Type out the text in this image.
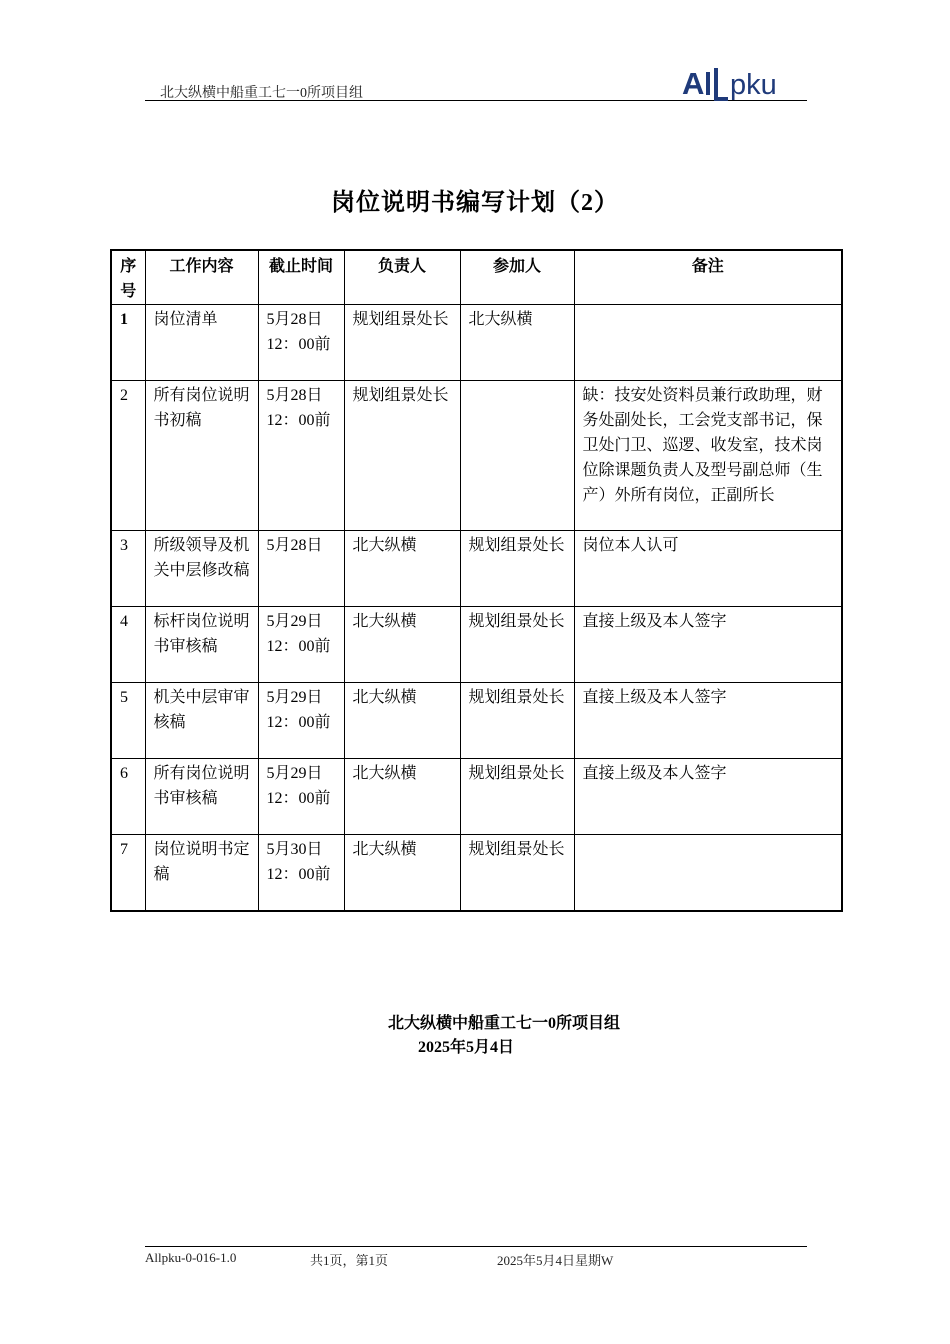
北大纵横中船重工七一0所项目组	A pku
岗位说明书编写计划（2）
序号	工作内容	截止时间	负责人	参加人	备注
1	岗位清单	5月28日12：00前	规划组景处长	北大纵横	
2	所有岗位说明书初稿	5月28日12：00前	规划组景处长		缺：技安处资料员兼行政助理，财务处副处长，工会党支部书记，保卫处门卫、巡逻、收发室，技术岗位除课题负责人及型号副总师（生产）外所有岗位，正副所长
3	所级领导及机关中层修改稿	5月28日	北大纵横	规划组景处长	岗位本人认可
4	标杆岗位说明书审核稿	5月29日12：00前	北大纵横	规划组景处长	直接上级及本人签字
5	机关中层审审核稿	5月29日12：00前	北大纵横	规划组景处长	直接上级及本人签字
6	所有岗位说明书审核稿	5月29日12：00前	北大纵横	规划组景处长	直接上级及本人签字
7	岗位说明书定稿	5月30日12：00前	北大纵横	规划组景处长	
北大纵横中船重工七一0所项目组
2025年5月4日
Allpku-0-016-1.0	共1页，第1页	2025年5月4日星期W
